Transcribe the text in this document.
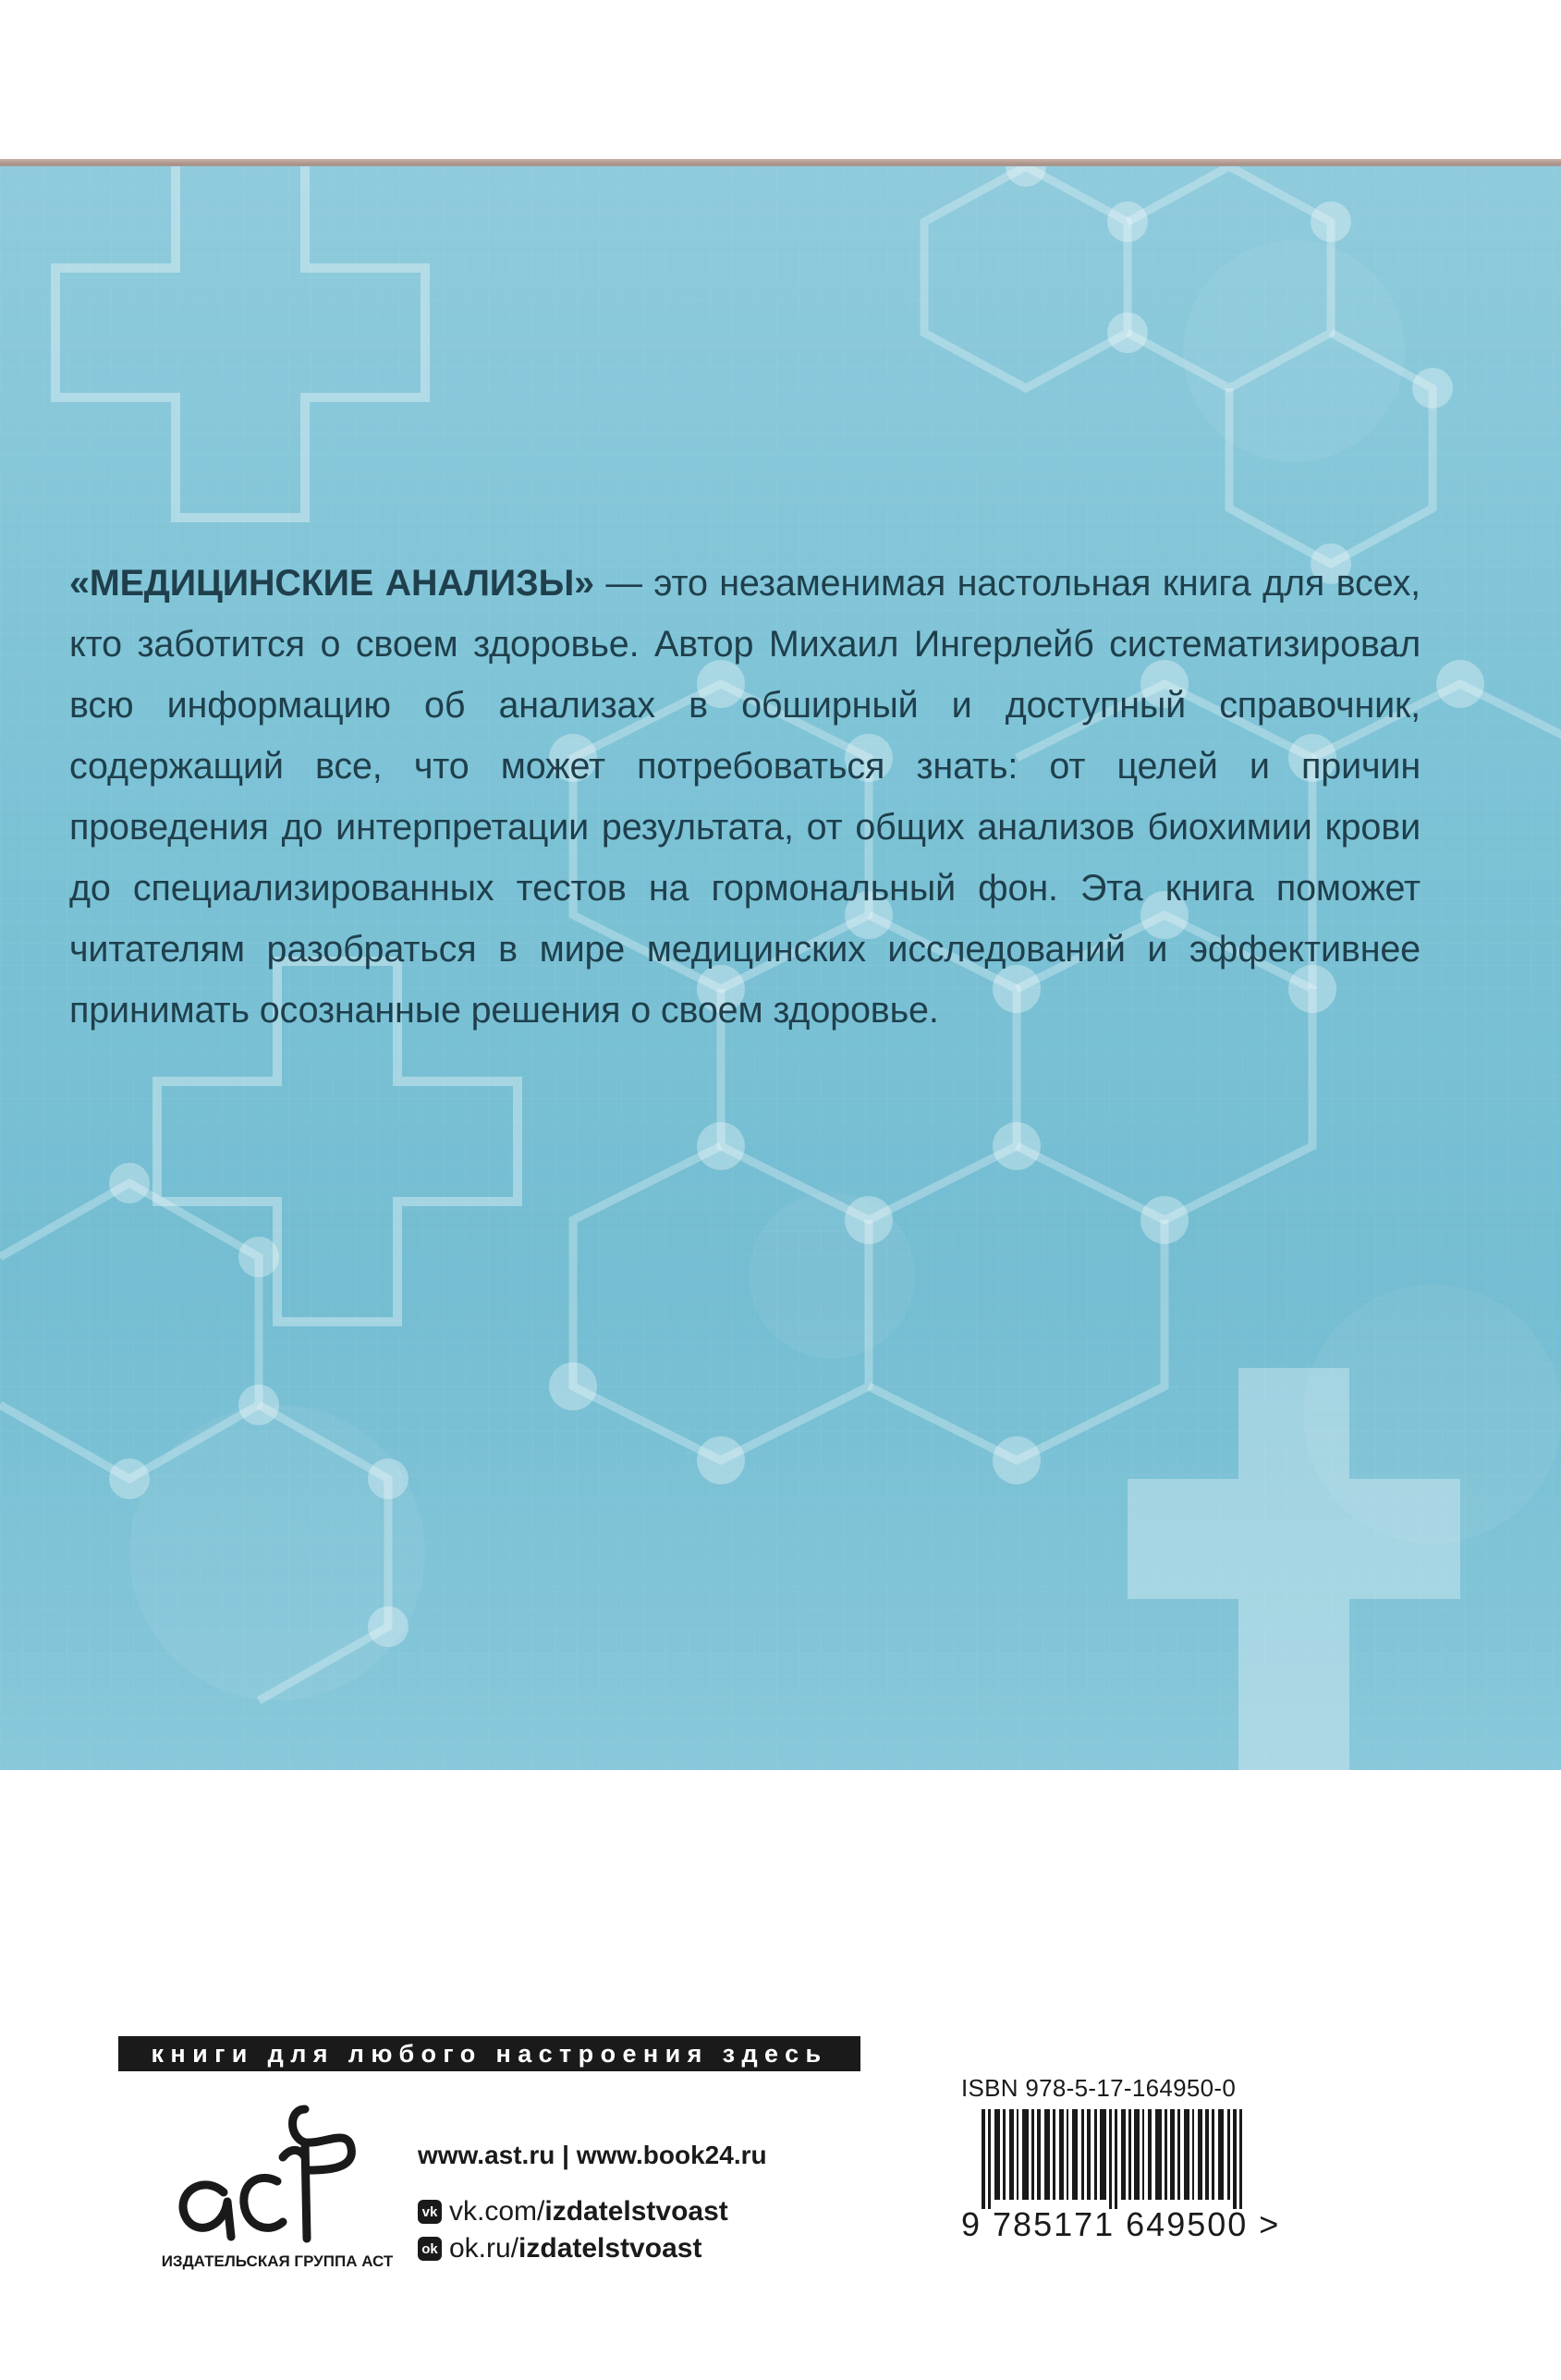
«МЕДИЦИНСКИЕ АНАЛИЗЫ» — это незаменимая настольная книга для всех, кто заботится о своем здоровье. Автор Михаил Ингерлейб систематизировал всю информацию об анализах в обширный и доступный справочник, содержащий все, что может потребоваться знать: от целей и причин проведения до интерпретации результата, от общих анализов биохимии крови до специализированных тестов на гормональный фон. Эта книга поможет читателям разобраться в мире медицинских исследований и эффективнее принимать осознанные решения о своем здоровье.
книги для любого настроения здесь
ИЗДАТЕЛЬСКАЯ ГРУППА АСТ
www.ast.ru | www.book24.ru
vk vk.com/ izdatelstvoast
ok ok.ru/ izdatelstvoast
ISBN 978-5-17-164950-0
9 785171 649500 >
